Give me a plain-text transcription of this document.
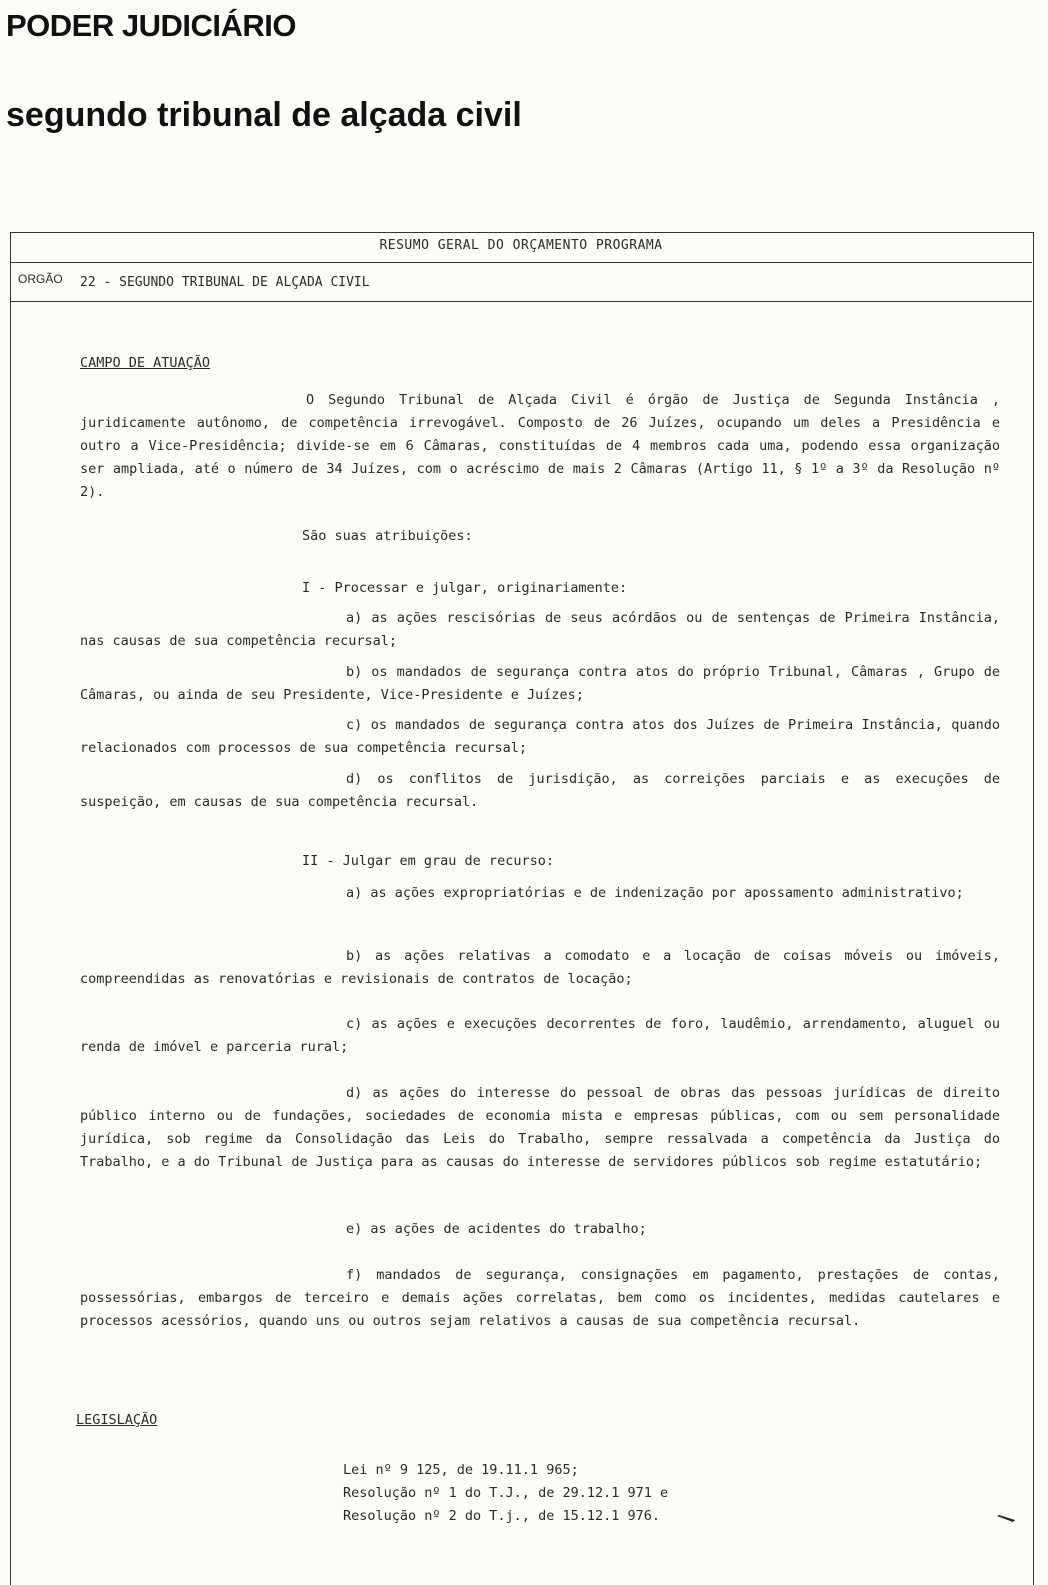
PODER JUDICIÁRIO
segundo tribunal de alçada civil
RESUMO GERAL DO ORÇAMENTO PROGRAMA
ORGÃO 22 - SEGUNDO TRIBUNAL DE ALÇADA CIVIL
CAMPO DE ATUAÇÃO
O Segundo Tribunal de Alçada Civil é órgão de Justiça de Segunda Instância , juridicamente autônomo, de competência irrevogável. Composto de 26 Juízes, ocupando um deles a Presidência e outro a Vice-Presidência; divide-se em 6 Câmaras, constituídas de 4 membros cada uma, podendo essa organização ser ampliada, até o número de 34 Juízes, com o acréscimo de mais 2 Câmaras (Artigo 11, § 1º a 3º da Resolução nº 2).
São suas atribuições:
I - Processar e julgar, originariamente:
a) as ações rescisórias de seus acórdãos ou de sentenças de Primeira Instância, nas causas de sua competência recursal;
b) os mandados de segurança contra atos do próprio Tribunal, Câmaras , Grupo de Câmaras, ou ainda de seu Presidente, Vice-Presidente e Juízes;
c) os mandados de segurança contra atos dos Juízes de Primeira Instância, quando relacionados com processos de sua competência recursal;
d) os conflitos de jurisdição, as correições parciais e as execuções de suspeição, em causas de sua competência recursal.
II - Julgar em grau de recurso:
a) as ações expropriatórias e de indenização por apossamento administrativo;
b) as ações relativas a comodato e a locação de coisas móveis ou imóveis, compreendidas as renovatórias e revisionais de contratos de locação;
c) as ações e execuções decorrentes de foro, laudêmio, arrendamento, aluguel ou renda de imóvel e parceria rural;
d) as ações do interesse do pessoal de obras das pessoas jurídicas de direito público interno ou de fundações, sociedades de economia mista e empresas públicas, com ou sem personalidade jurídica, sob regime da Consolidação das Leis do Trabalho, sempre ressalvada a competência da Justiça do Trabalho, e a do Tribunal de Justiça para as causas do interesse de servidores públicos sob regime estatutário;
e) as ações de acidentes do trabalho;
f) mandados de segurança, consignações em pagamento, prestações de contas, possessórias, embargos de terceiro e demais ações correlatas, bem como os incidentes, medidas cautelares e processos acessórios, quando uns ou outros sejam relativos a causas de sua competência recursal.
LEGISLAÇÃO
Lei nº 9 125, de 19.11.1 965;
Resolução nº 1 do T.J., de 29.12.1 971 e
Resolução nº 2 do T.j., de 15.12.1 976.
